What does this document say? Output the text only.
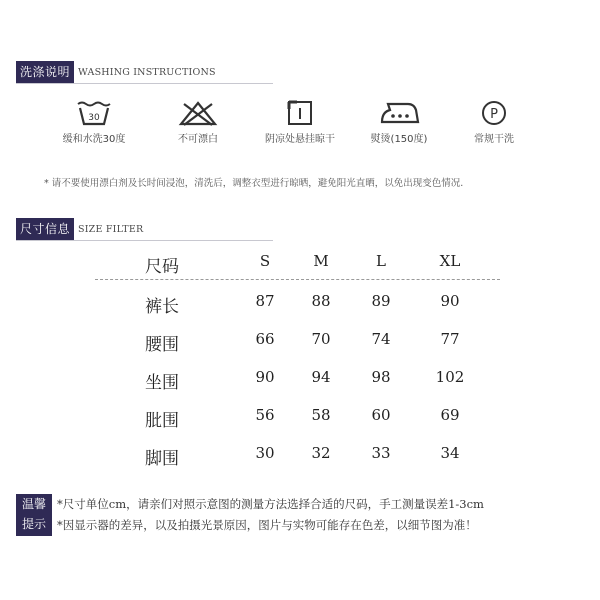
洗涤说明 WASHING INSTRUCTIONS
30
缓和水洗30度	不可漂白	阴凉处悬挂晾干	熨烫(150度)
P
常规干洗
* 请不要使用漂白剂及长时间浸泡，清洗后，调整衣型进行晾晒，避免阳光直晒，以免出现变色情况.
尺寸信息 SIZE FILTER
尺码	S	M	L	XL
裤长	87	88	89	90
腰围	66	70	74	77
坐围	90	94	98	102
肶围	56	58	60	69
脚围	30	32	33	34
温馨
提示
*尺寸单位cm，请亲们对照示意图的测量方法选择合适的尺码，手工测量误差1-3cm
*因显示器的差异，以及拍摄光景原因，图片与实物可能存在色差，以细节图为准！
